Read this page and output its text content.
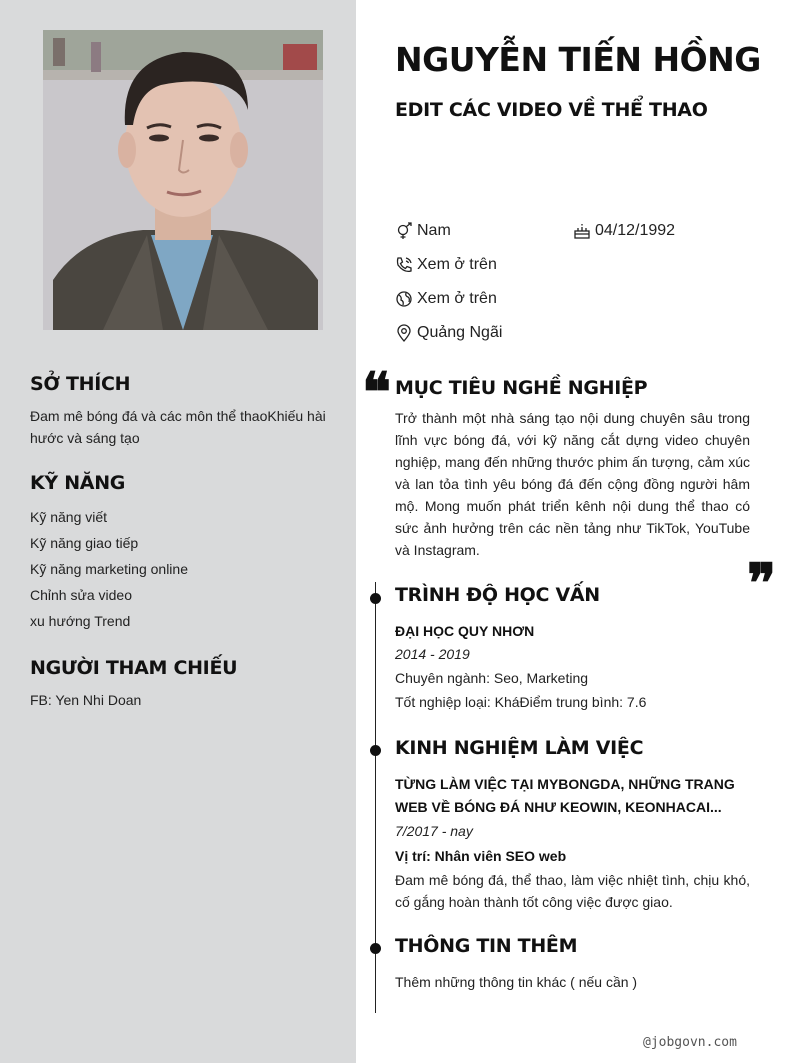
SỞ THÍCH
Đam mê bóng đá và các môn thể thaoKhiếu hài hước và sáng tạo
KỸ NĂNG
Kỹ năng viết
Kỹ năng giao tiếp
Kỹ năng marketing online
Chỉnh sửa video
xu hướng Trend
NGƯỜI THAM CHIẾU
FB: Yen Nhi Doan
NGUYỄN TIẾN HỒNG
EDIT CÁC VIDEO VỀ THỂ THAO
Nam	04/12/1992
Xem ở trên
Xem ở trên
Quảng Ngãi
❝ MỤC TIÊU NGHỀ NGHIỆP
Trở thành một nhà sáng tạo nội dung chuyên sâu trong lĩnh vực bóng đá, với kỹ năng cắt dựng video chuyên nghiệp, mang đến những thước phim ấn tượng, cảm xúc và lan tỏa tình yêu bóng đá đến cộng đồng người hâm mộ. Mong muốn phát triển kênh nội dung thể thao có sức ảnh hưởng trên các nền tảng như TikTok, YouTube và Instagram.
❞
TRÌNH ĐỘ HỌC VẤN
ĐẠI HỌC QUY NHƠN
2014 - 2019
Chuyên ngành: Seo, Marketing
Tốt nghiệp loại: KháĐiểm trung bình: 7.6
KINH NGHIỆM LÀM VIỆC
TỪNG LÀM VIỆC TẠI MYBONGDA, NHỮNG TRANG WEB VỀ BÓNG ĐÁ NHƯ KEOWIN, KEONHACAI...
7/2017 - nay
Vị trí: Nhân viên SEO web
Đam mê bóng đá, thể thao, làm việc nhiệt tình, chịu khó, cố gắng hoàn thành tốt công việc được giao.
THÔNG TIN THÊM
Thêm những thông tin khác ( nếu cần )
@jobgovn.com
